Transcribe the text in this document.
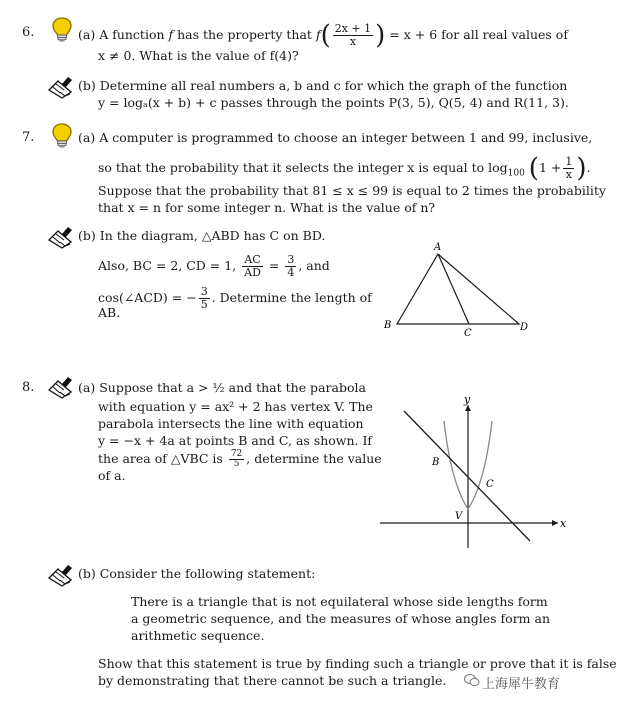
6.	(a) A function f has the property that $f( \frac{2x + 1}{x}$ ) = x + 6 for all real values of
x ≠ 0. What is the value of f(4)?
(b) Determine all real numbers a, b and c for which the graph of the function
y = logₐ(x + b) + c passes through the points P(3, 5), Q(5, 4) and R(11, 3).
7.	(a) A computer is programmed to choose an integer between 1 and 99, inclusive,
so that the probability that it selects the integer x is equal to $\log_{100} (1 + \frac{1}{x}$ ).
Suppose that the probability that 81 ≤ x ≤ 99 is equal to 2 times the probability
that x = n for some integer n. What is the value of n?
(b) In the diagram, △ABD has C on BD.
Also, BC = 2, CD = 1, $\frac{AC}{AD} = \frac{3}{4}$ , and
cos(∠ACD) = − $\frac{3}{5}$ . Determine the length of
AB.
A
B
C
D
8.	(a) Suppose that a > ½ and that the parabola
with equation y = ax² + 2 has vertex V. The
parabola intersects the line with equation
y = −x + 4a at points B and C, as shown. If
the area of △VBC is $\frac{72}{5}$ , determine the value
of a.
y
x
B
C
V
(b) Consider the following statement:
There is a triangle that is not equilateral whose side lengths form
a geometric sequence, and the measures of whose angles form an
arithmetic sequence.
Show that this statement is true by finding such a triangle or prove that it is false
by demonstrating that there cannot be such a triangle.	上海犀牛教育
